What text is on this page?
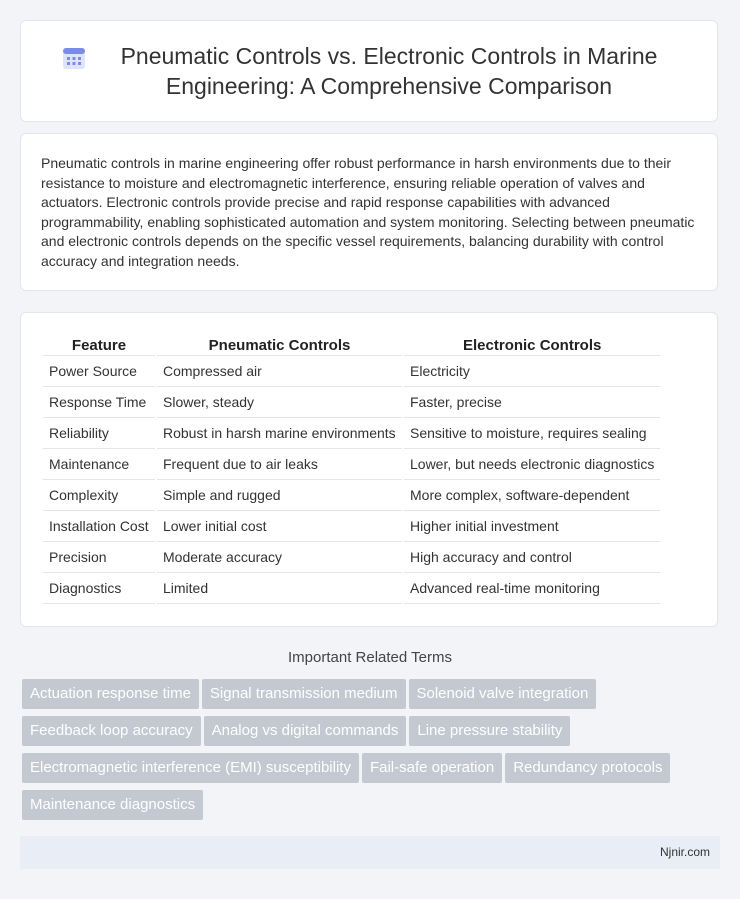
Pneumatic Controls vs. Electronic Controls in Marine Engineering: A Comprehensive Comparison

Pneumatic controls in marine engineering offer robust performance in harsh environments due to their resistance to moisture and electromagnetic interference, ensuring reliable operation of valves and actuators. Electronic controls provide precise and rapid response capabilities with advanced programmability, enabling sophisticated automation and system monitoring. Selecting between pneumatic and electronic controls depends on the specific vessel requirements, balancing durability with control accuracy and integration needs.

Feature	Pneumatic Controls	Electronic Controls
Power Source	Compressed air	Electricity
Response Time	Slower, steady	Faster, precise
Reliability	Robust in harsh marine environments	Sensitive to moisture, requires sealing
Maintenance	Frequent due to air leaks	Lower, but needs electronic diagnostics
Complexity	Simple and rugged	More complex, software-dependent
Installation Cost	Lower initial cost	Higher initial investment
Precision	Moderate accuracy	High accuracy and control
Diagnostics	Limited	Advanced real-time monitoring
Important Related Terms
Actuation response time Signal transmission medium Solenoid valve integrationFeedback loop accuracy Analog vs digital commands Line pressure stabilityElectromagnetic interference (EMI) susceptibility Fail-safe operation Redundancy protocolsMaintenance diagnostics
Njnir.com
